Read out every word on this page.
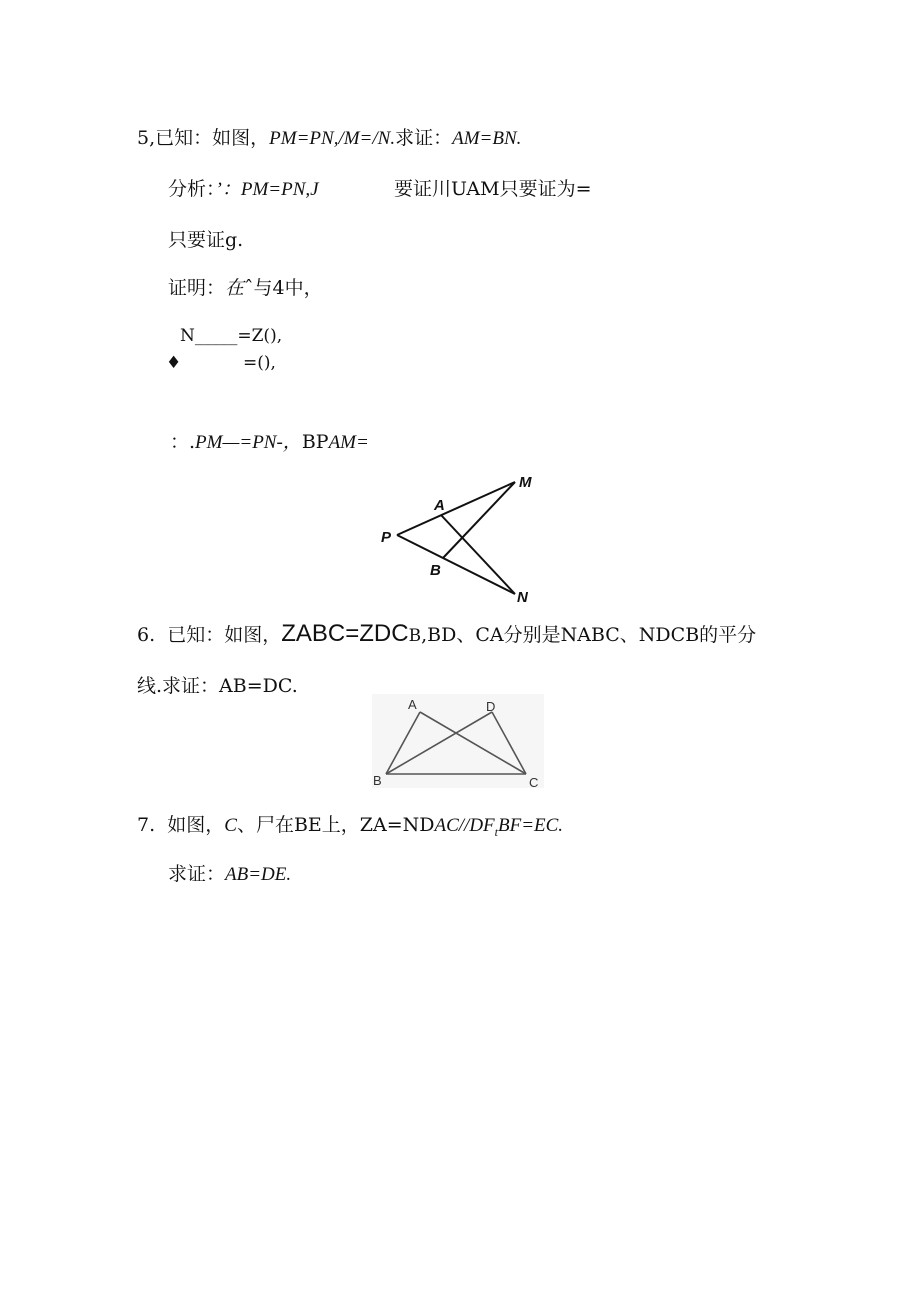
5,已知：如图，PM=PN,/M=/N.求证：AM=BN.
分析：’：PM=PN,J	要证川UAM只要证为=
只要证g.
证明：在ˆ与4中，
N_____=Z(),
♦	=(),
：.PM—=PN-，BPAM=
A
M
P
B
N
6. 已知：如图，ZABC=ZDCB,BD、CA分别是NABC、NDCB的平分
线.求证：AB=DC.
A	D
B	C
7. 如图，C、尸在BE上，$ZA=NDAC//DF_tBF=EC$.
求证：AB=DE.
